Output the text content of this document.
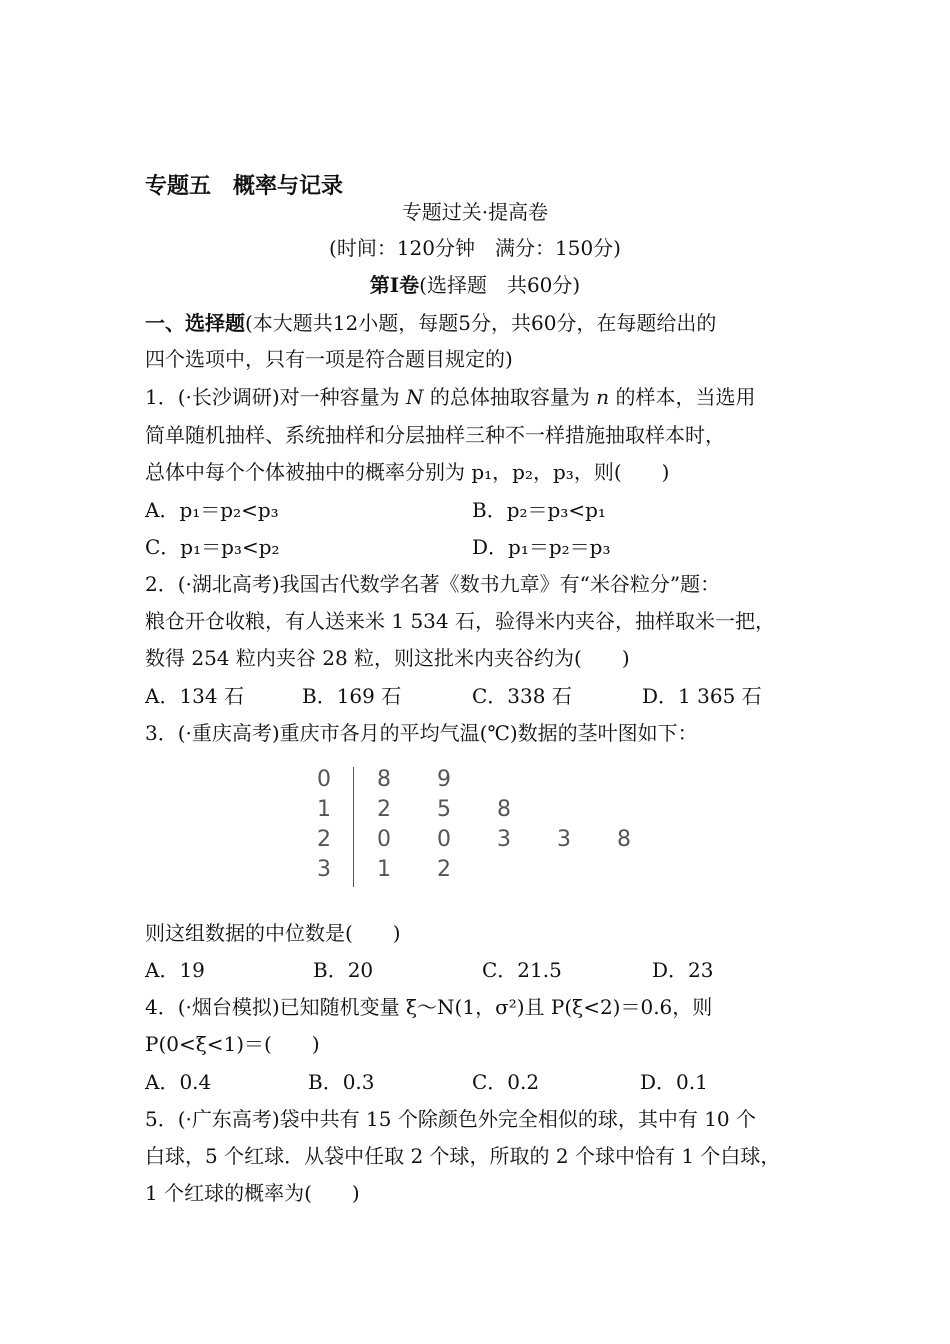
专题五　概率与记录
专题过关·提高卷
(时间：120分钟　满分：150分)
第Ⅰ卷(选择题　共60分)
一、选择题(本大题共12小题，每题5分，共60分，在每题给出的
四个选项中，只有一项是符合题目规定的)
1．(·长沙调研)对一种容量为 N 的总体抽取容量为 n 的样本，当选用
简单随机抽样、系统抽样和分层抽样三种不一样措施抽取样本时，
总体中每个个体被抽中的概率分别为 p₁，p₂，p₃，则(　　)
A．p₁＝p₂<p₃	B．p₂＝p₃<p₁
C．p₁＝p₃<p₂	D．p₁＝p₂＝p₃
2．(·湖北高考)我国古代数学名著《数书九章》有“米谷粒分”题：
粮仓开仓收粮，有人送来米 1 534 石，验得米内夹谷，抽样取米一把，
数得 254 粒内夹谷 28 粒，则这批米内夹谷约为(　　)
A．134 石	B．169 石	C．338 石	D．1 365 石
3．(·重庆高考)重庆市各月的平均气温(℃)数据的茎叶图如下：
0 8 9
1 2 5 8
2 0 0 3 3 8
3 1 2
则这组数据的中位数是(　　)
A．19	B．20	C．21.5	D．23
4．(·烟台模拟)已知随机变量 ξ～N(1，σ²)且 P(ξ<2)＝0.6，则
P(0<ξ<1)＝(　　)
A．0.4	B．0.3	C．0.2	D．0.1
5．(·广东高考)袋中共有 15 个除颜色外完全相似的球，其中有 10 个
白球，5 个红球．从袋中任取 2 个球，所取的 2 个球中恰有 1 个白球，
1 个红球的概率为(　　)
